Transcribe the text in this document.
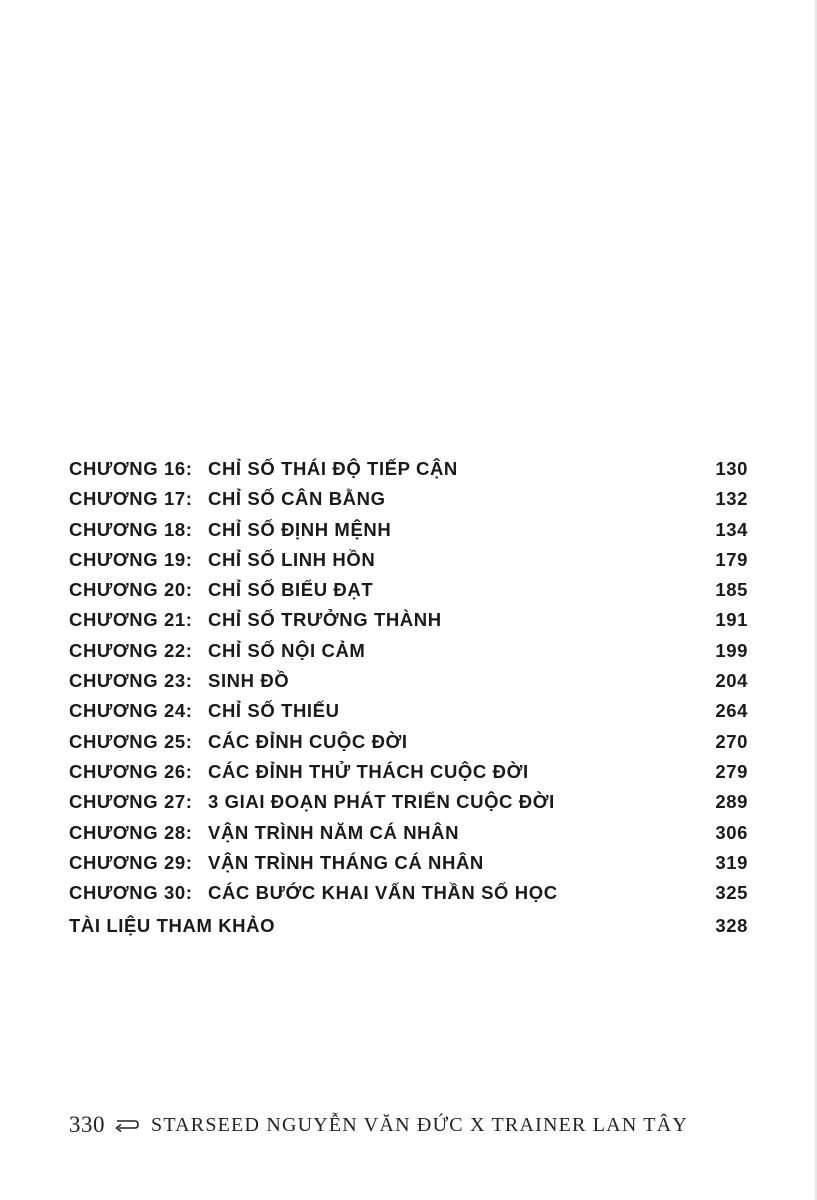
CHƯƠNG 16: CHỈ SỐ THÁI ĐỘ TIẾP CẬN	130
CHƯƠNG 17: CHỈ SỐ CÂN BẰNG	132
CHƯƠNG 18: CHỈ SỐ ĐỊNH MỆNH	134
CHƯƠNG 19: CHỈ SỐ LINH HỒN	179
CHƯƠNG 20: CHỈ SỐ BIỂU ĐẠT	185
CHƯƠNG 21: CHỈ SỐ TRƯỞNG THÀNH	191
CHƯƠNG 22: CHỈ SỐ NỘI CẢM	199
CHƯƠNG 23: SINH ĐỒ	204
CHƯƠNG 24: CHỈ SỐ THIẾU	264
CHƯƠNG 25: CÁC ĐỈNH CUỘC ĐỜI	270
CHƯƠNG 26: CÁC ĐỈNH THỬ THÁCH CUỘC ĐỜI	279
CHƯƠNG 27: 3 GIAI ĐOẠN PHÁT TRIỂN CUỘC ĐỜI	289
CHƯƠNG 28: VẬN TRÌNH NĂM CÁ NHÂN	306
CHƯƠNG 29: VẬN TRÌNH THÁNG CÁ NHÂN	319
CHƯƠNG 30: CÁC BƯỚC KHAI VẤN THẦN SỐ HỌC	325
TÀI LIỆU THAM KHẢO	328
330 STARSEED NGUYỄN VĂN ĐỨC X TRAINER LAN TÂY
